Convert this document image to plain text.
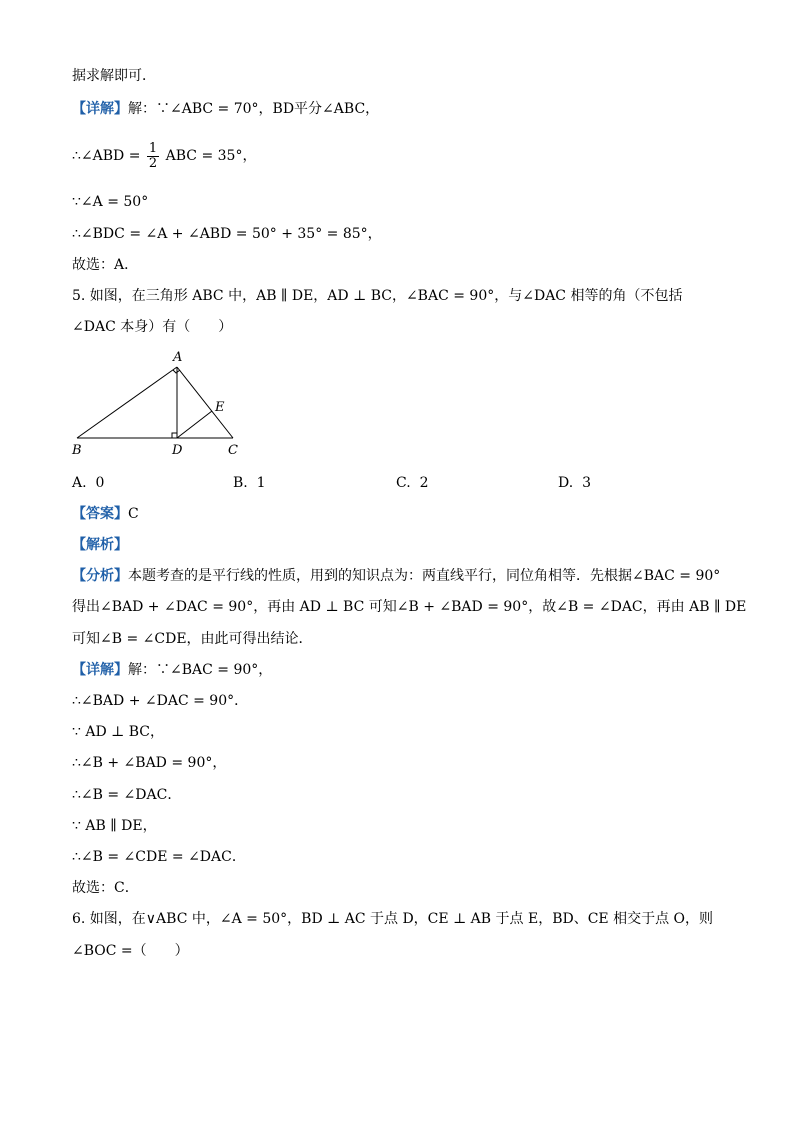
据求解即可．
【详解】解：∵∠ABC = 70°，BD平分∠ABC，
∴∠ABD = $\frac{1}{2}$ ABC = 35°，
∵∠A = 50°
∴∠BDC = ∠A + ∠ABD = 50° + 35° = 85°，
故选：A．
5. 如图，在三角形 ABC 中，AB ∥ DE，AD ⊥ BC，∠BAC = 90°，与∠DAC 相等的角（不包括
∠DAC 本身）有（　　）
A
B	C
D
E
A. 0	B. 1	C. 2	D. 3
【答案】C
【解析】
【分析】本题考查的是平行线的性质，用到的知识点为：两直线平行，同位角相等．先根据∠BAC = 90°
得出∠BAD + ∠DAC = 90°，再由 AD ⊥ BC 可知∠B + ∠BAD = 90°，故∠B = ∠DAC，再由 AB ∥ DE
可知∠B = ∠CDE，由此可得出结论．
【详解】解：∵∠BAC = 90°，
∴∠BAD + ∠DAC = 90°．
∵ AD ⊥ BC，
∴∠B + ∠BAD = 90°，
∴∠B = ∠DAC．
∵ AB ∥ DE，
∴∠B = ∠CDE = ∠DAC．
故选：C．
6. 如图，在∨ABC 中，∠A = 50°，BD ⊥ AC 于点 D，CE ⊥ AB 于点 E，BD、CE 相交于点 O，则
∠BOC =（　　）
